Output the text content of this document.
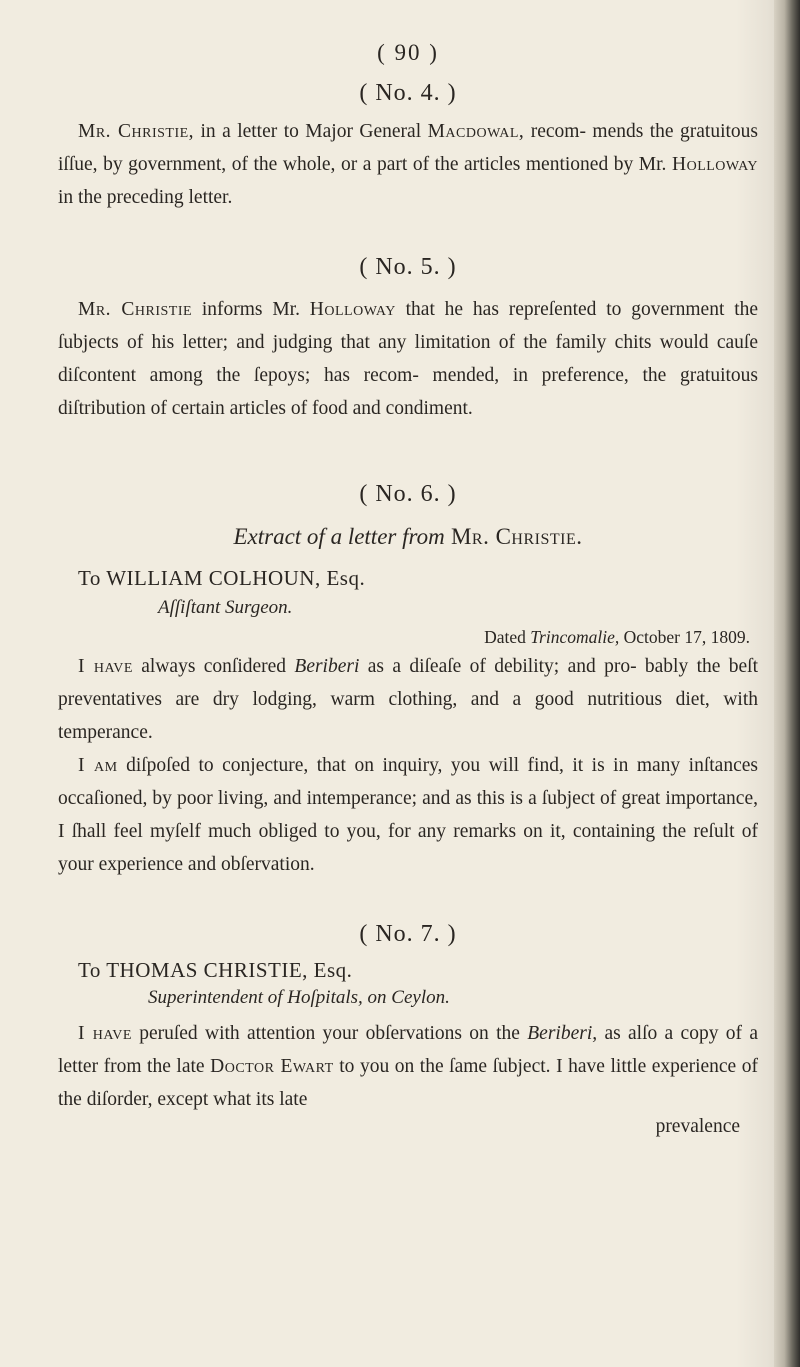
( 90 )
( No. 4. )

Mr. Christie, in a letter to Major General Macdowal, recom- mends the gratuitous iſſue, by government, of the whole, or a part of the articles mentioned by Mr. Holloway in the preceding letter.

( No. 5. )

Mr. Christie informs Mr. Holloway that he has repreſented to government the ſubjects of his letter; and judging that any limitation of the family chits would cauſe diſcontent among the ſepoys; has recom- mended, in preference, the gratuitous diſtribution of certain articles of food and condiment.

( No. 6. )
Extract of a letter from Mr. Christie.
To WILLIAM COLHOUN, Esq.
Aſſiſtant Surgeon.
Dated Trincomalie, October 17, 1809.

I have always conſidered Beriberi as a diſeaſe of debility; and pro- bably the beſt preventatives are dry lodging, warm clothing, and a good nutritious diet, with temperance.

I am diſpoſed to conjecture, that on inquiry, you will find, it is in many inſtances occaſioned, by poor living, and intemperance; and as this is a ſubject of great importance, I ſhall feel myſelf much obliged to you, for any remarks on it, containing the reſult of your experience and obſervation.

( No. 7. )
To THOMAS CHRISTIE, Esq.
Superintendent of Hoſpitals, on Ceylon.

I have peruſed with attention your obſervations on the Beriberi, as alſo a copy of a letter from the late Doctor Ewart to you on the ſame ſubject. I have little experience of the diſorder, except what its late

prevalence
